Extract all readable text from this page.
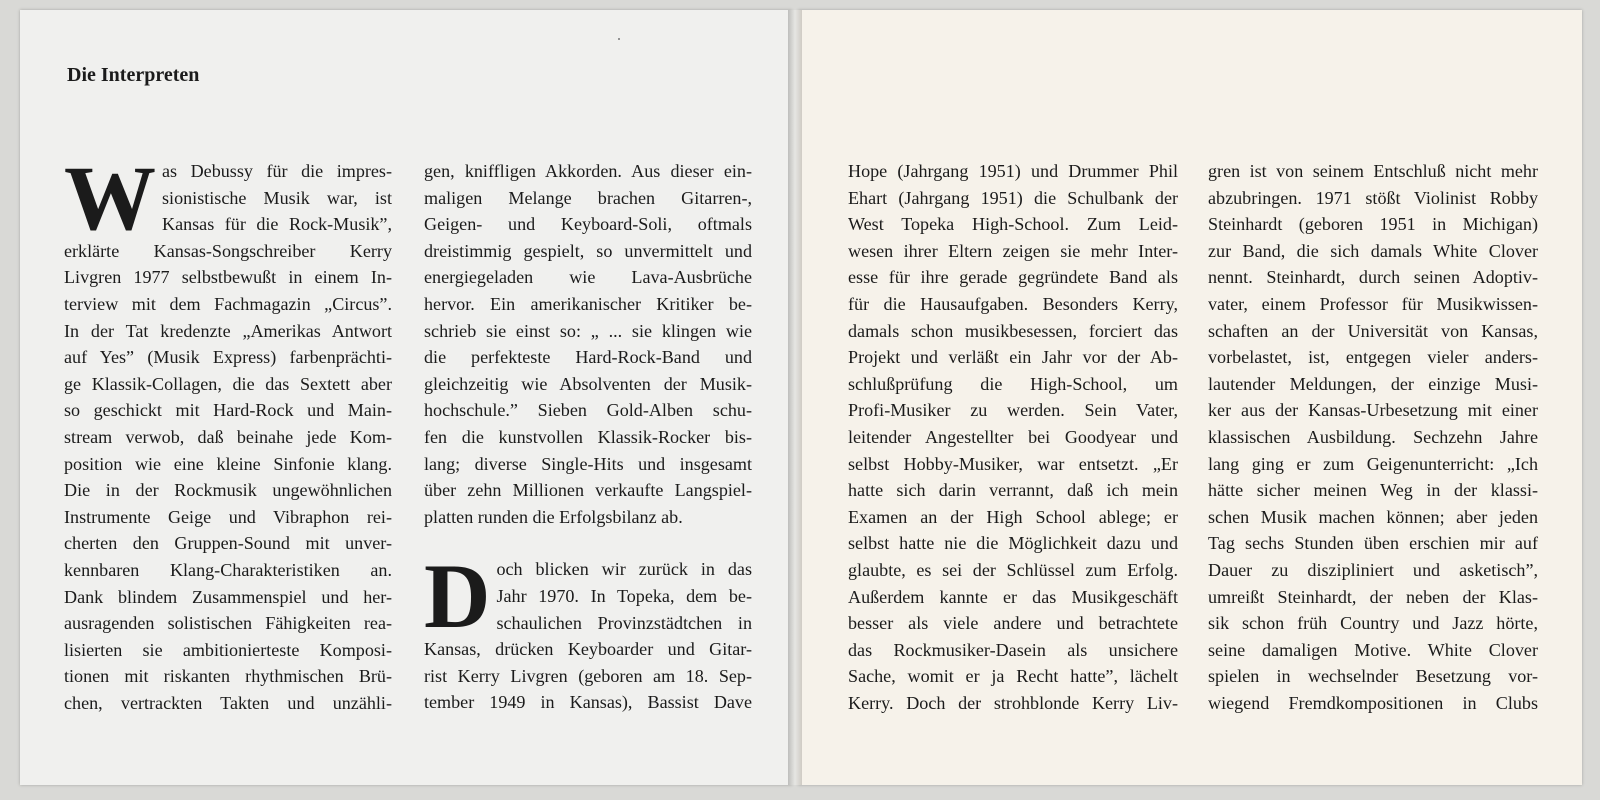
Die Interpreten

W as Debussy für die impres-
sionistische Musik war, ist
Kansas für die Rock-Musik”,
erklärte Kansas-Songschreiber Kerry
Livgren 1977 selbstbewußt in einem In-
terview mit dem Fachmagazin „Circus”.
In der Tat kredenzte „Amerikas Antwort
auf Yes” (Musik Express) farbenprächti-
ge Klassik-Collagen, die das Sextett aber
so geschickt mit Hard-Rock und Main-
stream verwob, daß beinahe jede Kom-
position wie eine kleine Sinfonie klang.
Die in der Rockmusik ungewöhnlichen
Instrumente Geige und Vibraphon rei-
cherten den Gruppen-Sound mit unver-
kennbaren Klang-Charakteristiken an.
Dank blindem Zusammenspiel und her-
ausragenden solistischen Fähigkeiten rea-
lisierten sie ambitionierteste Komposi-
tionen mit riskanten rhythmischen Brü-
chen, vertrackten Takten und unzähli-

gen, kniffligen Akkorden. Aus dieser ein-
maligen Melange brachen Gitarren-,
Geigen- und Keyboard-Soli, oftmals
dreistimmig gespielt, so unvermittelt und
energiegeladen wie Lava-Ausbrüche
hervor. Ein amerikanischer Kritiker be-
schrieb sie einst so: „ ... sie klingen wie
die perfekteste Hard-Rock-Band und
gleichzeitig wie Absolventen der Musik-
hochschule.” Sieben Gold-Alben schu-
fen die kunstvollen Klassik-Rocker bis-
lang; diverse Single-Hits und insgesamt
über zehn Millionen verkaufte Langspiel-
platten runden die Erfolgsbilanz ab.

D och blicken wir zurück in das
Jahr 1970. In Topeka, dem be-
schaulichen Provinzstädtchen in
Kansas, drücken Keyboarder und Gitar-
rist Kerry Livgren (geboren am 18. Sep-
tember 1949 in Kansas), Bassist Dave

Hope (Jahrgang 1951) und Drummer Phil
Ehart (Jahrgang 1951) die Schulbank der
West Topeka High-School. Zum Leid-
wesen ihrer Eltern zeigen sie mehr Inter-
esse für ihre gerade gegründete Band als
für die Hausaufgaben. Besonders Kerry,
damals schon musikbesessen, forciert das
Projekt und verläßt ein Jahr vor der Ab-
schlußprüfung die High-School, um
Profi-Musiker zu werden. Sein Vater,
leitender Angestellter bei Goodyear und
selbst Hobby-Musiker, war entsetzt. „Er
hatte sich darin verrannt, daß ich mein
Examen an der High School ablege; er
selbst hatte nie die Möglichkeit dazu und
glaubte, es sei der Schlüssel zum Erfolg.
Außerdem kannte er das Musikgeschäft
besser als viele andere und betrachtete
das Rockmusiker-Dasein als unsichere
Sache, womit er ja Recht hatte”, lächelt
Kerry. Doch der strohblonde Kerry Liv-
gren ist von seinem Entschluß nicht mehr
abzubringen. 1971 stößt Violinist Robby
Steinhardt (geboren 1951 in Michigan)
zur Band, die sich damals White Clover
nennt. Steinhardt, durch seinen Adoptiv-
vater, einem Professor für Musikwissen-
schaften an der Universität von Kansas,
vorbelastet, ist, entgegen vieler anders-
lautender Meldungen, der einzige Musi-
ker aus der Kansas-Urbesetzung mit einer
klassischen Ausbildung. Sechzehn Jahre
lang ging er zum Geigenunterricht: „Ich
hätte sicher meinen Weg in der klassi-
schen Musik machen können; aber jeden
Tag sechs Stunden üben erschien mir auf
Dauer zu diszipliniert und asketisch”,
umreißt Steinhardt, der neben der Klas-
sik schon früh Country und Jazz hörte,
seine damaligen Motive. White Clover
spielen in wechselnder Besetzung vor-
wiegend Fremdkompositionen in Clubs
